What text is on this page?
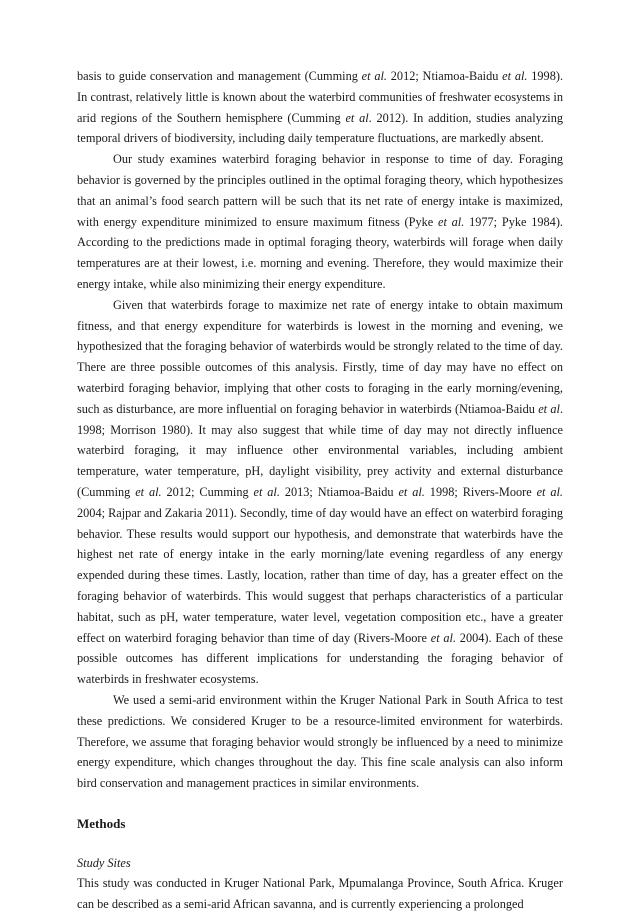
basis to guide conservation and management (Cumming et al. 2012; Ntiamoa-Baidu et al. 1998). In contrast, relatively little is known about the waterbird communities of freshwater ecosystems in arid regions of the Southern hemisphere (Cumming et al. 2012). In addition, studies analyzing temporal drivers of biodiversity, including daily temperature fluctuations, are markedly absent.

Our study examines waterbird foraging behavior in response to time of day. Foraging behavior is governed by the principles outlined in the optimal foraging theory, which hypothesizes that an animal’s food search pattern will be such that its net rate of energy intake is maximized, with energy expenditure minimized to ensure maximum fitness (Pyke et al. 1977; Pyke 1984). According to the predictions made in optimal foraging theory, waterbirds will forage when daily temperatures are at their lowest, i.e. morning and evening. Therefore, they would maximize their energy intake, while also minimizing their energy expenditure.

Given that waterbirds forage to maximize net rate of energy intake to obtain maximum fitness, and that energy expenditure for waterbirds is lowest in the morning and evening, we hypothesized that the foraging behavior of waterbirds would be strongly related to the time of day. There are three possible outcomes of this analysis. Firstly, time of day may have no effect on waterbird foraging behavior, implying that other costs to foraging in the early morning/evening, such as disturbance, are more influential on foraging behavior in waterbirds (Ntiamoa-Baidu et al. 1998; Morrison 1980). It may also suggest that while time of day may not directly influence waterbird foraging, it may influence other environmental variables, including ambient temperature, water temperature, pH, daylight visibility, prey activity and external disturbance (Cumming et al. 2012; Cumming et al. 2013; Ntiamoa-Baidu et al. 1998; Rivers-Moore et al. 2004; Rajpar and Zakaria 2011). Secondly, time of day would have an effect on waterbird foraging behavior. These results would support our hypothesis, and demonstrate that waterbirds have the highest net rate of energy intake in the early morning/late evening regardless of any energy expended during these times. Lastly, location, rather than time of day, has a greater effect on the foraging behavior of waterbirds. This would suggest that perhaps characteristics of a particular habitat, such as pH, water temperature, water level, vegetation composition etc., have a greater effect on waterbird foraging behavior than time of day (Rivers-Moore et al. 2004). Each of these possible outcomes has different implications for understanding the foraging behavior of waterbirds in freshwater ecosystems.

We used a semi-arid environment within the Kruger National Park in South Africa to test these predictions. We considered Kruger to be a resource-limited environment for waterbirds. Therefore, we assume that foraging behavior would strongly be influenced by a need to minimize energy expenditure, which changes throughout the day. This fine scale analysis can also inform bird conservation and management practices in similar environments.

Methods
Study Sites

This study was conducted in Kruger National Park, Mpumalanga Province, South Africa. Kruger can be described as a semi-arid African savanna, and is currently experiencing a prolonged
